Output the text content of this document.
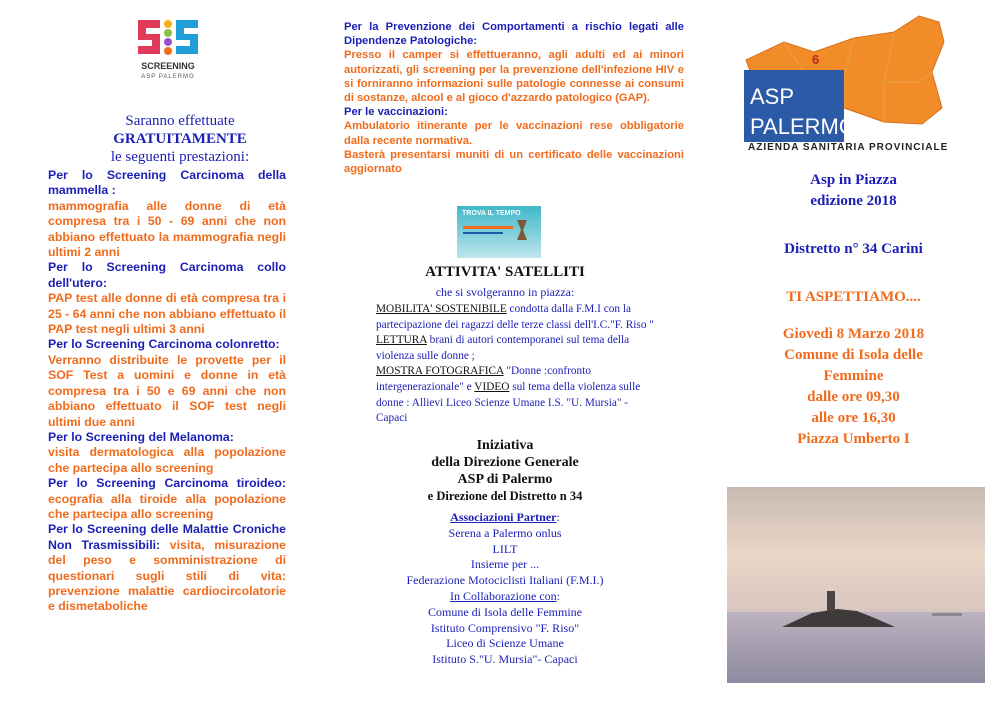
SCREENING
ASP PALERMO
Saranno effettuate
GRATUITAMENTE
le seguenti prestazioni:

Per lo Screening Carcinoma della mammella :
mammografia alle donne di età compresa tra i 50 - 69 anni che non abbiano effettuato la mammografia negli ultimi 2 anni

Per lo Screening Carcinoma collo dell'utero:
PAP test alle donne di età compresa tra i 25 - 64 anni che non abbiano effettuato il PAP test negli ultimi 3 anni

Per lo Screening Carcinoma colonretto:
Verranno distribuite le provette per il SOF Test a uomini e donne in età compresa tra i 50 e 69 anni che non abbiano effettuato il SOF test negli ultimi due anni

Per lo Screening del Melanoma:
visita dermatologica alla popolazione che partecipa allo screening

Per lo Screening Carcinoma tiroideo: ecografia alla tiroide alla popolazione che partecipa allo screening

Per lo Screening delle Malattie Croniche Non Trasmissibili: visita, misurazione del peso e somministrazione di questionari sugli stili di vita: prevenzione malattie cardiocircolatorie e dismetaboliche

Per la Prevenzione dei Comportamenti a rischio legati alle Dipendenze Patologiche:

Presso il camper si effettueranno, agli adulti ed ai minori autorizzati, gli screening per la prevenzione dell'infezione HIV e si forniranno informazioni sulle patologie connesse ai consumi di sostanze, alcool e al gioco d'azzardo patologico (GAP).

Per le vaccinazioni:

Ambulatorio itinerante per le vaccinazioni rese obbligatorie dalla recente normativa.

Basterà presentarsi muniti di un certificato delle vaccinazioni aggiornato

TROVA IL TEMPO
ATTIVITA' SATELLITI
che si svolgeranno in piazza:
MOBILITA' SOSTENIBILE condotta dalla F.M.I con la partecipazione dei ragazzi delle terze classi dell'I.C."F. Riso "
LETTURA brani di autori contemporanei sul tema della violenza sulle donne ;
MOSTRA FOTOGRAFICA "Donne :confronto intergenerazionale" e VIDEO sul tema della violenza sulle donne : Allievi Liceo Scienze Umane I.S. "U. Mursia" - Capaci
Iniziativa
della Direzione Generale
ASP di Palermo
e Direzione del Distretto n 34
Associazioni Partner:
Serena a Palermo onlus
LILT
Insieme per ...
Federazione Motociclisti Italiani (F.M.I.)
In Collaborazione con:
Comune di Isola delle Femmine
Istituto Comprensivo "F. Riso"
Liceo di Scienze Umane
Istituto S."U. Mursia"- Capaci
6
ASP
PALERMO
AZIENDA SANITARIA PROVINCIALE
Asp in Piazza
edizione 2018
Distretto n° 34 Carini
TI ASPETTIAMO....
Giovedì 8 Marzo 2018
Comune di Isola delle
Femmine
dalle ore 09,30
alle ore 16,30
Piazza Umberto I
